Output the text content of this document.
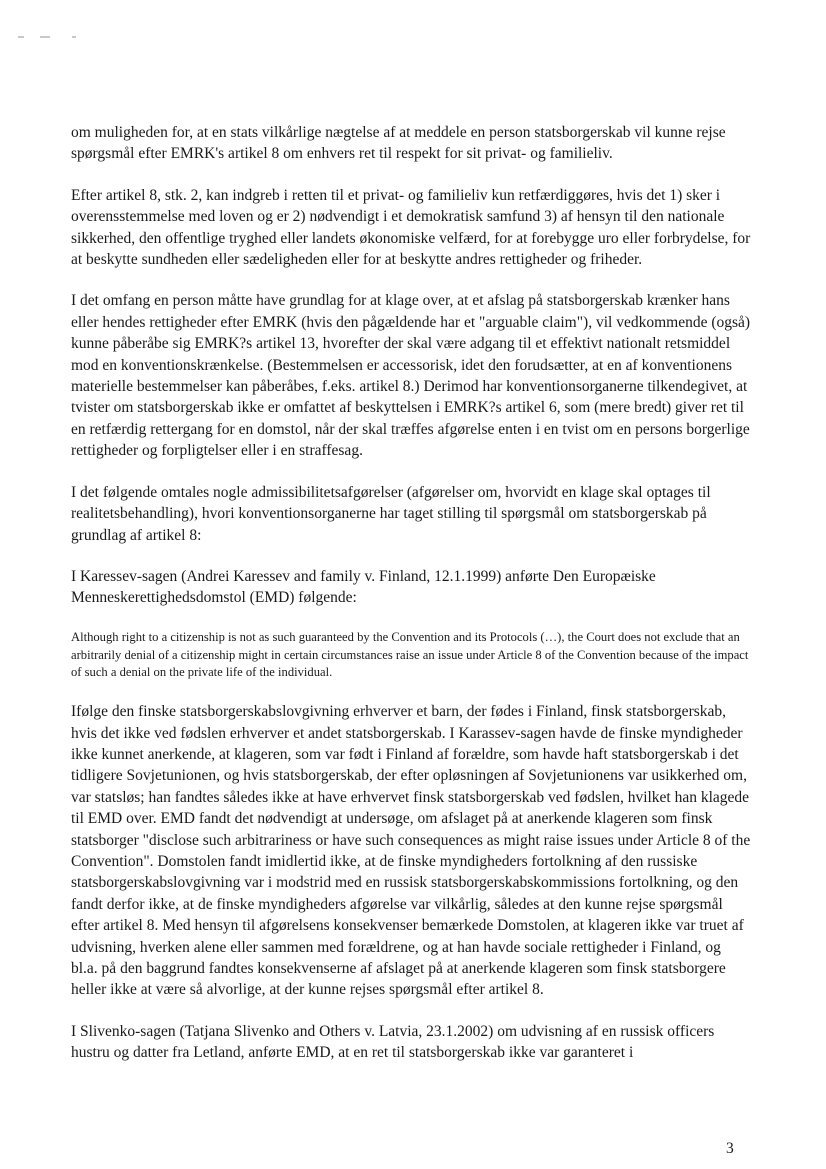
om muligheden for, at en stats vilkårlige nægtelse af at meddele en person statsborgerskab vil kunne rejse spørgsmål efter EMRK's artikel 8 om enhvers ret til respekt for sit privat- og familieliv.

Efter artikel 8, stk. 2, kan indgreb i retten til et privat- og familieliv kun retfærdiggøres, hvis det 1) sker i overensstemmelse med loven og er 2) nødvendigt i et demokratisk samfund 3) af hensyn til den nationale sikkerhed, den offentlige tryghed eller landets økonomiske velfærd, for at forebygge uro eller forbrydelse, for at beskytte sundheden eller sædeligheden eller for at beskytte andres rettigheder og friheder.

I det omfang en person måtte have grundlag for at klage over, at et afslag på statsborgerskab krænker hans eller hendes rettigheder efter EMRK (hvis den pågældende har et "arguable claim"), vil vedkommende (også) kunne påberåbe sig EMRK?s artikel 13, hvorefter der skal være adgang til et effektivt nationalt retsmiddel mod en konventionskrænkelse. (Bestemmelsen er accessorisk, idet den forudsætter, at en af konventionens materielle bestemmelser kan påberåbes, f.eks. artikel 8.) Derimod har konventionsorganerne tilkendegivet, at tvister om statsborgerskab ikke er omfattet af beskyttelsen i EMRK?s artikel 6, som (mere bredt) giver ret til en retfærdig rettergang for en domstol, når der skal træffes afgørelse enten i en tvist om en persons borgerlige rettigheder og forpligtelser eller i en straffesag.

I det følgende omtales nogle admissibilitetsafgørelser (afgørelser om, hvorvidt en klage skal optages til realitetsbehandling), hvori konventionsorganerne har taget stilling til spørgsmål om statsborgerskab på grundlag af artikel 8:

I Karessev-sagen (Andrei Karessev and family v. Finland, 12.1.1999) anførte Den Europæiske Menneskerettighedsdomstol (EMD) følgende:

Although right to a citizenship is not as such guaranteed by the Convention and its Protocols (…), the Court does not exclude that an arbitrarily denial of a citizenship might in certain circumstances raise an issue under Article 8 of the Convention because of the impact of such a denial on the private life of the individual.

Ifølge den finske statsborgerskabslovgivning erhverver et barn, der fødes i Finland, finsk statsborgerskab, hvis det ikke ved fødslen erhverver et andet statsborgerskab. I Karassev-sagen havde de finske myndigheder ikke kunnet anerkende, at klageren, som var født i Finland af forældre, som havde haft statsborgerskab i det tidligere Sovjetunionen, og hvis statsborgerskab, der efter opløsningen af Sovjetunionens var usikkerhed om, var statsløs; han fandtes således ikke at have erhvervet finsk statsborgerskab ved fødslen, hvilket han klagede til EMD over. EMD fandt det nødvendigt at undersøge, om afslaget på at anerkende klageren som finsk statsborger "disclose such arbitrariness or have such consequences as might raise issues under Article 8 of the Convention". Domstolen fandt imidlertid ikke, at de finske myndigheders fortolkning af den russiske statsborgerskabslovgivning var i modstrid med en russisk statsborgerskabskommissions fortolkning, og den fandt derfor ikke, at de finske myndigheders afgørelse var vilkårlig, således at den kunne rejse spørgsmål efter artikel 8. Med hensyn til afgørelsens konsekvenser bemærkede Domstolen, at klageren ikke var truet af udvisning, hverken alene eller sammen med forældrene, og at han havde sociale rettigheder i Finland, og bl.a. på den baggrund fandtes konsekvenserne af afslaget på at anerkende klageren som finsk statsborgere heller ikke at være så alvorlige, at der kunne rejses spørgsmål efter artikel 8.

I Slivenko-sagen (Tatjana Slivenko and Others v. Latvia, 23.1.2002) om udvisning af en russisk officers hustru og datter fra Letland, anførte EMD, at en ret til statsborgerskab ikke var garanteret i

3
